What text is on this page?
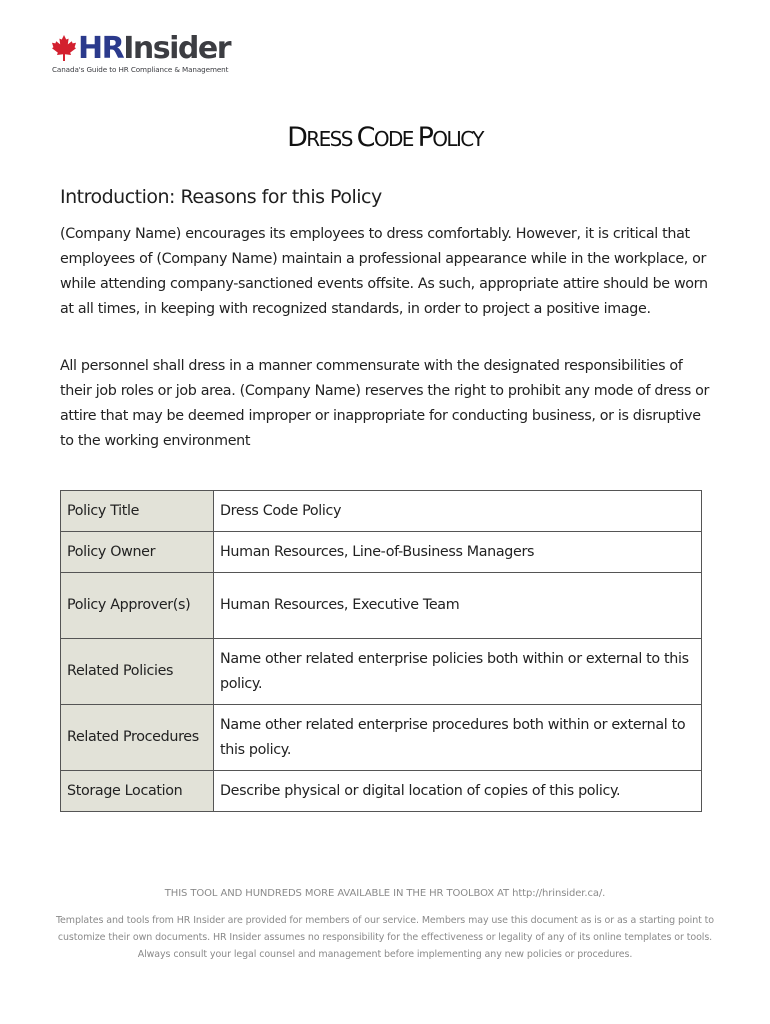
HR Insider
Canada's Guide to HR Compliance & Management
DRESS CODE POLICY
Introduction: Reasons for this Policy

(Company Name) encourages its employees to dress comfortably. However, it is critical that employees of (Company Name) maintain a professional appearance while in the workplace, or while attending company-sanctioned events offsite. As such, appropriate attire should be worn at all times, in keeping with recognized standards, in order to project a positive image.

All personnel shall dress in a manner commensurate with the designated responsibilities of their job roles or job area. (Company Name) reserves the right to prohibit any mode of dress or attire that may be deemed improper or inappropriate for conducting business, or is disruptive to the working environment

Policy Title	Dress Code Policy
Policy Owner	Human Resources, Line-of-Business Managers
Policy Approver(s)	Human Resources, Executive Team
Related Policies	Name other related enterprise policies both within or external to this policy.
Related Procedures	Name other related enterprise procedures both within or external to this policy.
Storage Location	Describe physical or digital location of copies of this policy.
THIS TOOL AND HUNDREDS MORE AVAILABLE IN THE HR TOOLBOX AT http://hrinsider.ca/.

Templates and tools from HR Insider are provided for members of our service. Members may use this document as is or as a starting point to customize their own documents. HR Insider assumes no responsibility for the effectiveness or legality of any of its online templates or tools. Always consult your legal counsel and management before implementing any new policies or procedures.
